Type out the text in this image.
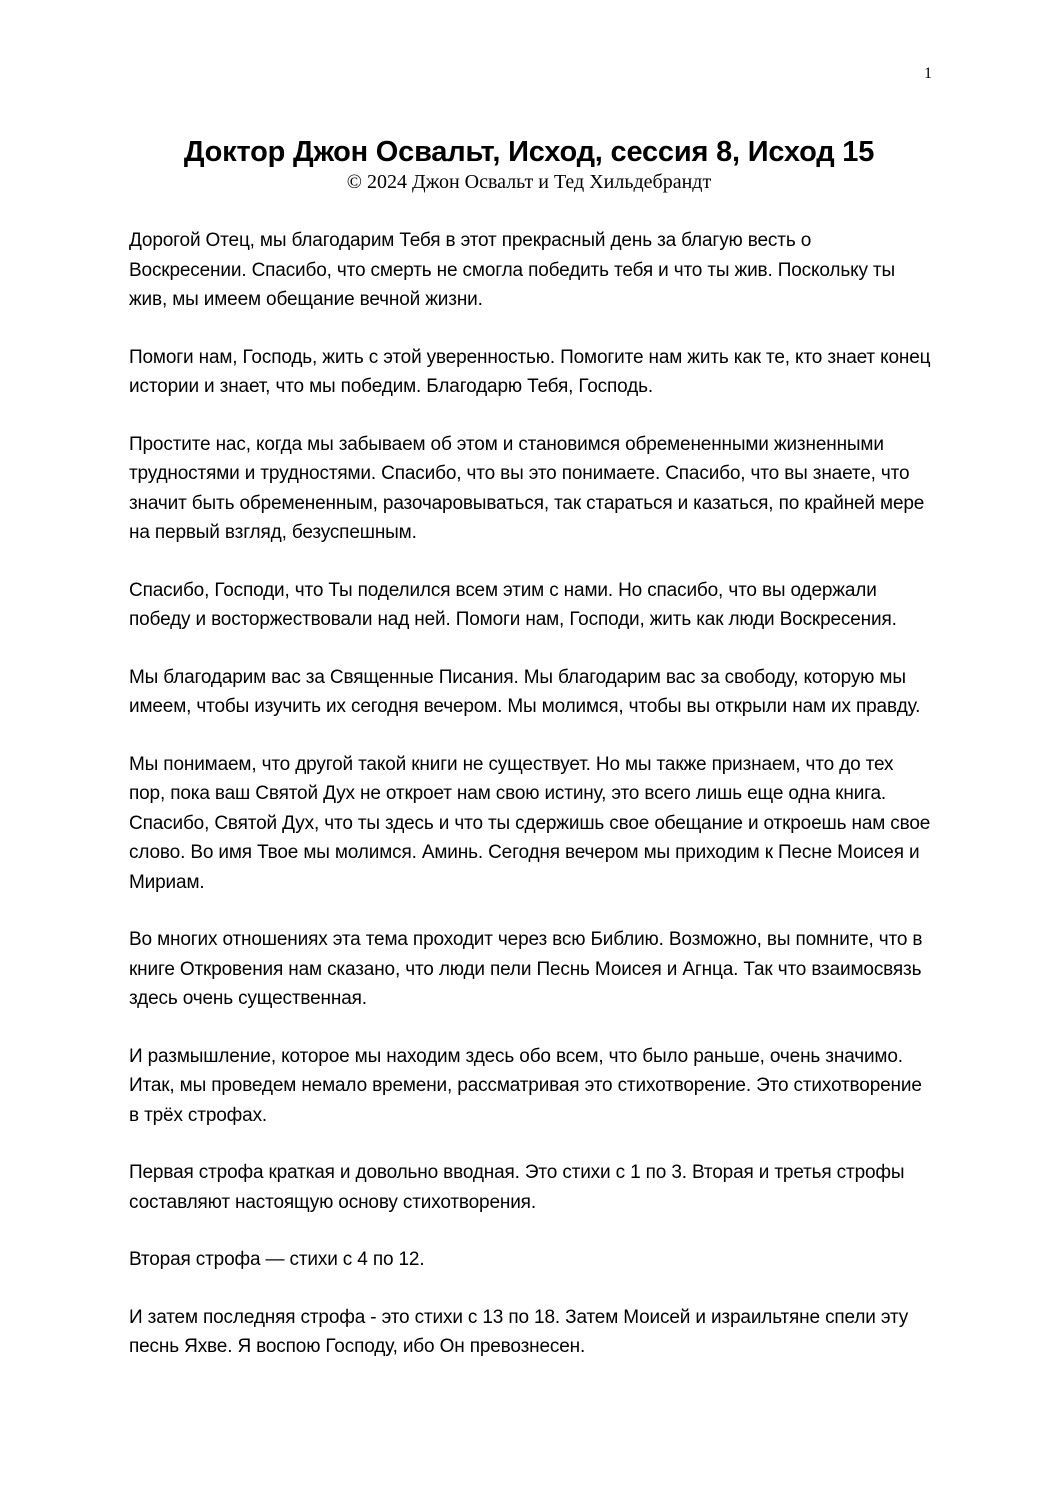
1
Доктор Джон Освальт, Исход, сессия 8, Исход 15

© 2024 Джон Освальт и Тед Хильдебрандт

Дорогой Отец, мы благодарим Тебя в этот прекрасный день за благую весть о Воскресении. Спасибо, что смерть не смогла победить тебя и что ты жив. Поскольку ты жив, мы имеем обещание вечной жизни.

Помоги нам, Господь, жить с этой уверенностью. Помогите нам жить как те, кто знает конец истории и знает, что мы победим. Благодарю Тебя, Господь.

Простите нас, когда мы забываем об этом и становимся обремененными жизненными трудностями и трудностями. Спасибо, что вы это понимаете. Спасибо, что вы знаете, что значит быть обремененным, разочаровываться, так стараться и казаться, по крайней мере на первый взгляд, безуспешным.

Спасибо, Господи, что Ты поделился всем этим с нами. Но спасибо, что вы одержали победу и восторжествовали над ней. Помоги нам, Господи, жить как люди Воскресения.

Мы благодарим вас за Священные Писания. Мы благодарим вас за свободу, которую мы имеем, чтобы изучить их сегодня вечером. Мы молимся, чтобы вы открыли нам их правду.

Мы понимаем, что другой такой книги не существует. Но мы также признаем, что до тех пор, пока ваш Святой Дух не откроет нам свою истину, это всего лишь еще одна книга. Спасибо, Святой Дух, что ты здесь и что ты сдержишь свое обещание и откроешь нам свое слово. Во имя Твое мы молимся. Аминь. Сегодня вечером мы приходим к Песне Моисея и Мириам.

Во многих отношениях эта тема проходит через всю Библию. Возможно, вы помните, что в книге Откровения нам сказано, что люди пели Песнь Моисея и Агнца. Так что взаимосвязь здесь очень существенная.

И размышление, которое мы находим здесь обо всем, что было раньше, очень значимо. Итак, мы проведем немало времени, рассматривая это стихотворение. Это стихотворение в трёх строфах.

Первая строфа краткая и довольно вводная. Это стихи с 1 по 3. Вторая и третья строфы составляют настоящую основу стихотворения.

Вторая строфа — стихи с 4 по 12.

И затем последняя строфа - это стихи с 13 по 18. Затем Моисей и израильтяне спели эту песнь Яхве. Я воспою Господу, ибо Он превознесен.
